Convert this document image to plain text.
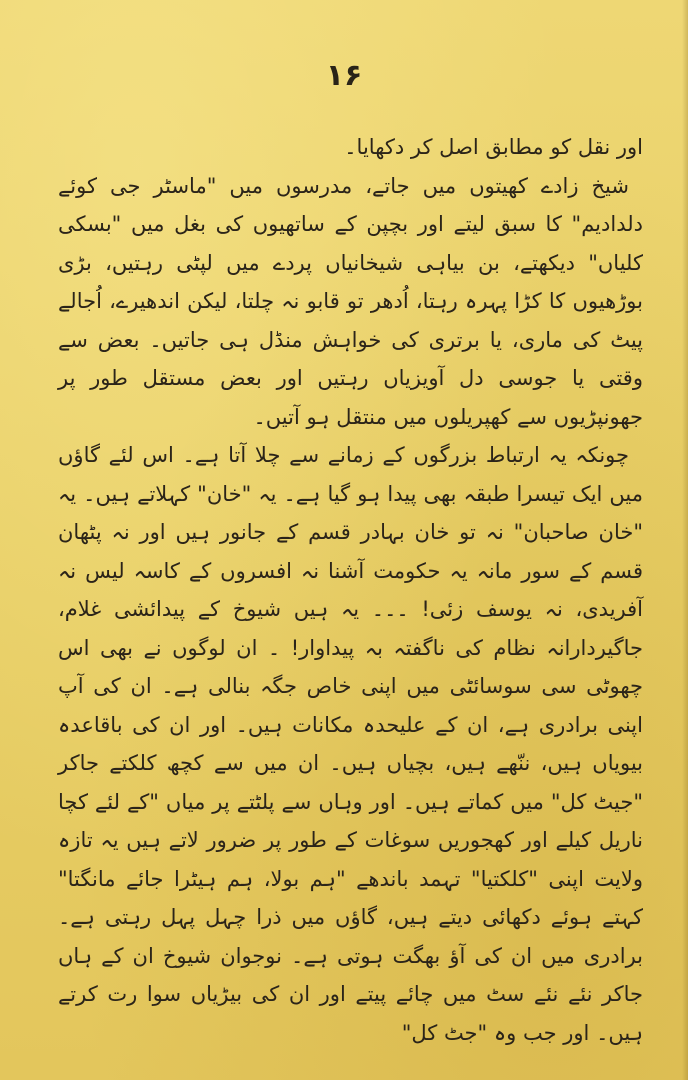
۱۶

اور نقل کو مطابق اصل کر دکھایا۔

شیخ زادے کھیتوں میں جاتے، مدرسوں میں "ماسٹر جی کوئے دلدادیم" کا سبق لیتے اور بچپن کے ساتھیوں کی بغل میں "بسکی کلیاں" دیکھتے، بن بیاہی شیخانیاں پردے میں لپٹی رہتیں، بڑی بوڑھیوں کا کڑا پہرہ رہتا، اُدھر تو قابو نہ چلتا، لیکن اندھیرے، اُجالے پیٹ کی ماری، یا برتری کی خواہش منڈل ہی جاتیں۔ بعض سے وقتی یا جوسی دل آویزیاں رہتیں اور بعض مستقل طور پر جھونپڑیوں سے کھپریلوں میں منتقل ہو آتیں۔

چونکہ یہ ارتباط بزرگوں کے زمانے سے چلا آتا ہے۔ اس لئے گاؤں میں ایک تیسرا طبقہ بھی پیدا ہو گیا ہے۔ یہ "خان" کہلاتے ہیں۔ یہ "خان صاحبان" نہ تو خان بہادر قسم کے جانور ہیں اور نہ پٹھان قسم کے سور مانہ یہ حکومت آشنا نہ افسروں کے کاسہ لیس نہ آفریدی، نہ یوسف زئی! ۔۔۔ یہ ہیں شیوخ کے پیدائشی غلام، جاگیردارانہ نظام کی ناگفتہ بہ پیداوار! ۔ ان لوگوں نے بھی اس چھوٹی سی سوسائٹی میں اپنی خاص جگہ بنالی ہے۔ ان کی آپ اپنی برادری ہے، ان کے علیحدہ مکانات ہیں۔ اور ان کی باقاعدہ بیویاں ہیں، ننّھے ہیں، بچیاں ہیں۔ ان میں سے کچھ کلکتے جاکر "جیٹ کل" میں کماتے ہیں۔ اور وہاں سے پلٹتے پر میاں "کے لئے کچا ناریل کیلے اور کھجوریں سوغات کے طور پر ضرور لاتے ہیں یہ تازہ ولایت اپنی "کلکتیا" تہمد باندھے "ہم بولا، ہم ہیٹرا جائے مانگتا" کہتے ہوئے دکھائی دیتے ہیں، گاؤں میں ذرا چہل پہل رہتی ہے۔ برادری میں ان کی آؤ بھگت ہوتی ہے۔ نوجوان شیوخ ان کے ہاں جاکر نئے نئے سٹ میں چائے پیتے اور ان کی بیڑیاں سوا رت کرتے ہیں۔ اور جب وہ "جٹ کل"
